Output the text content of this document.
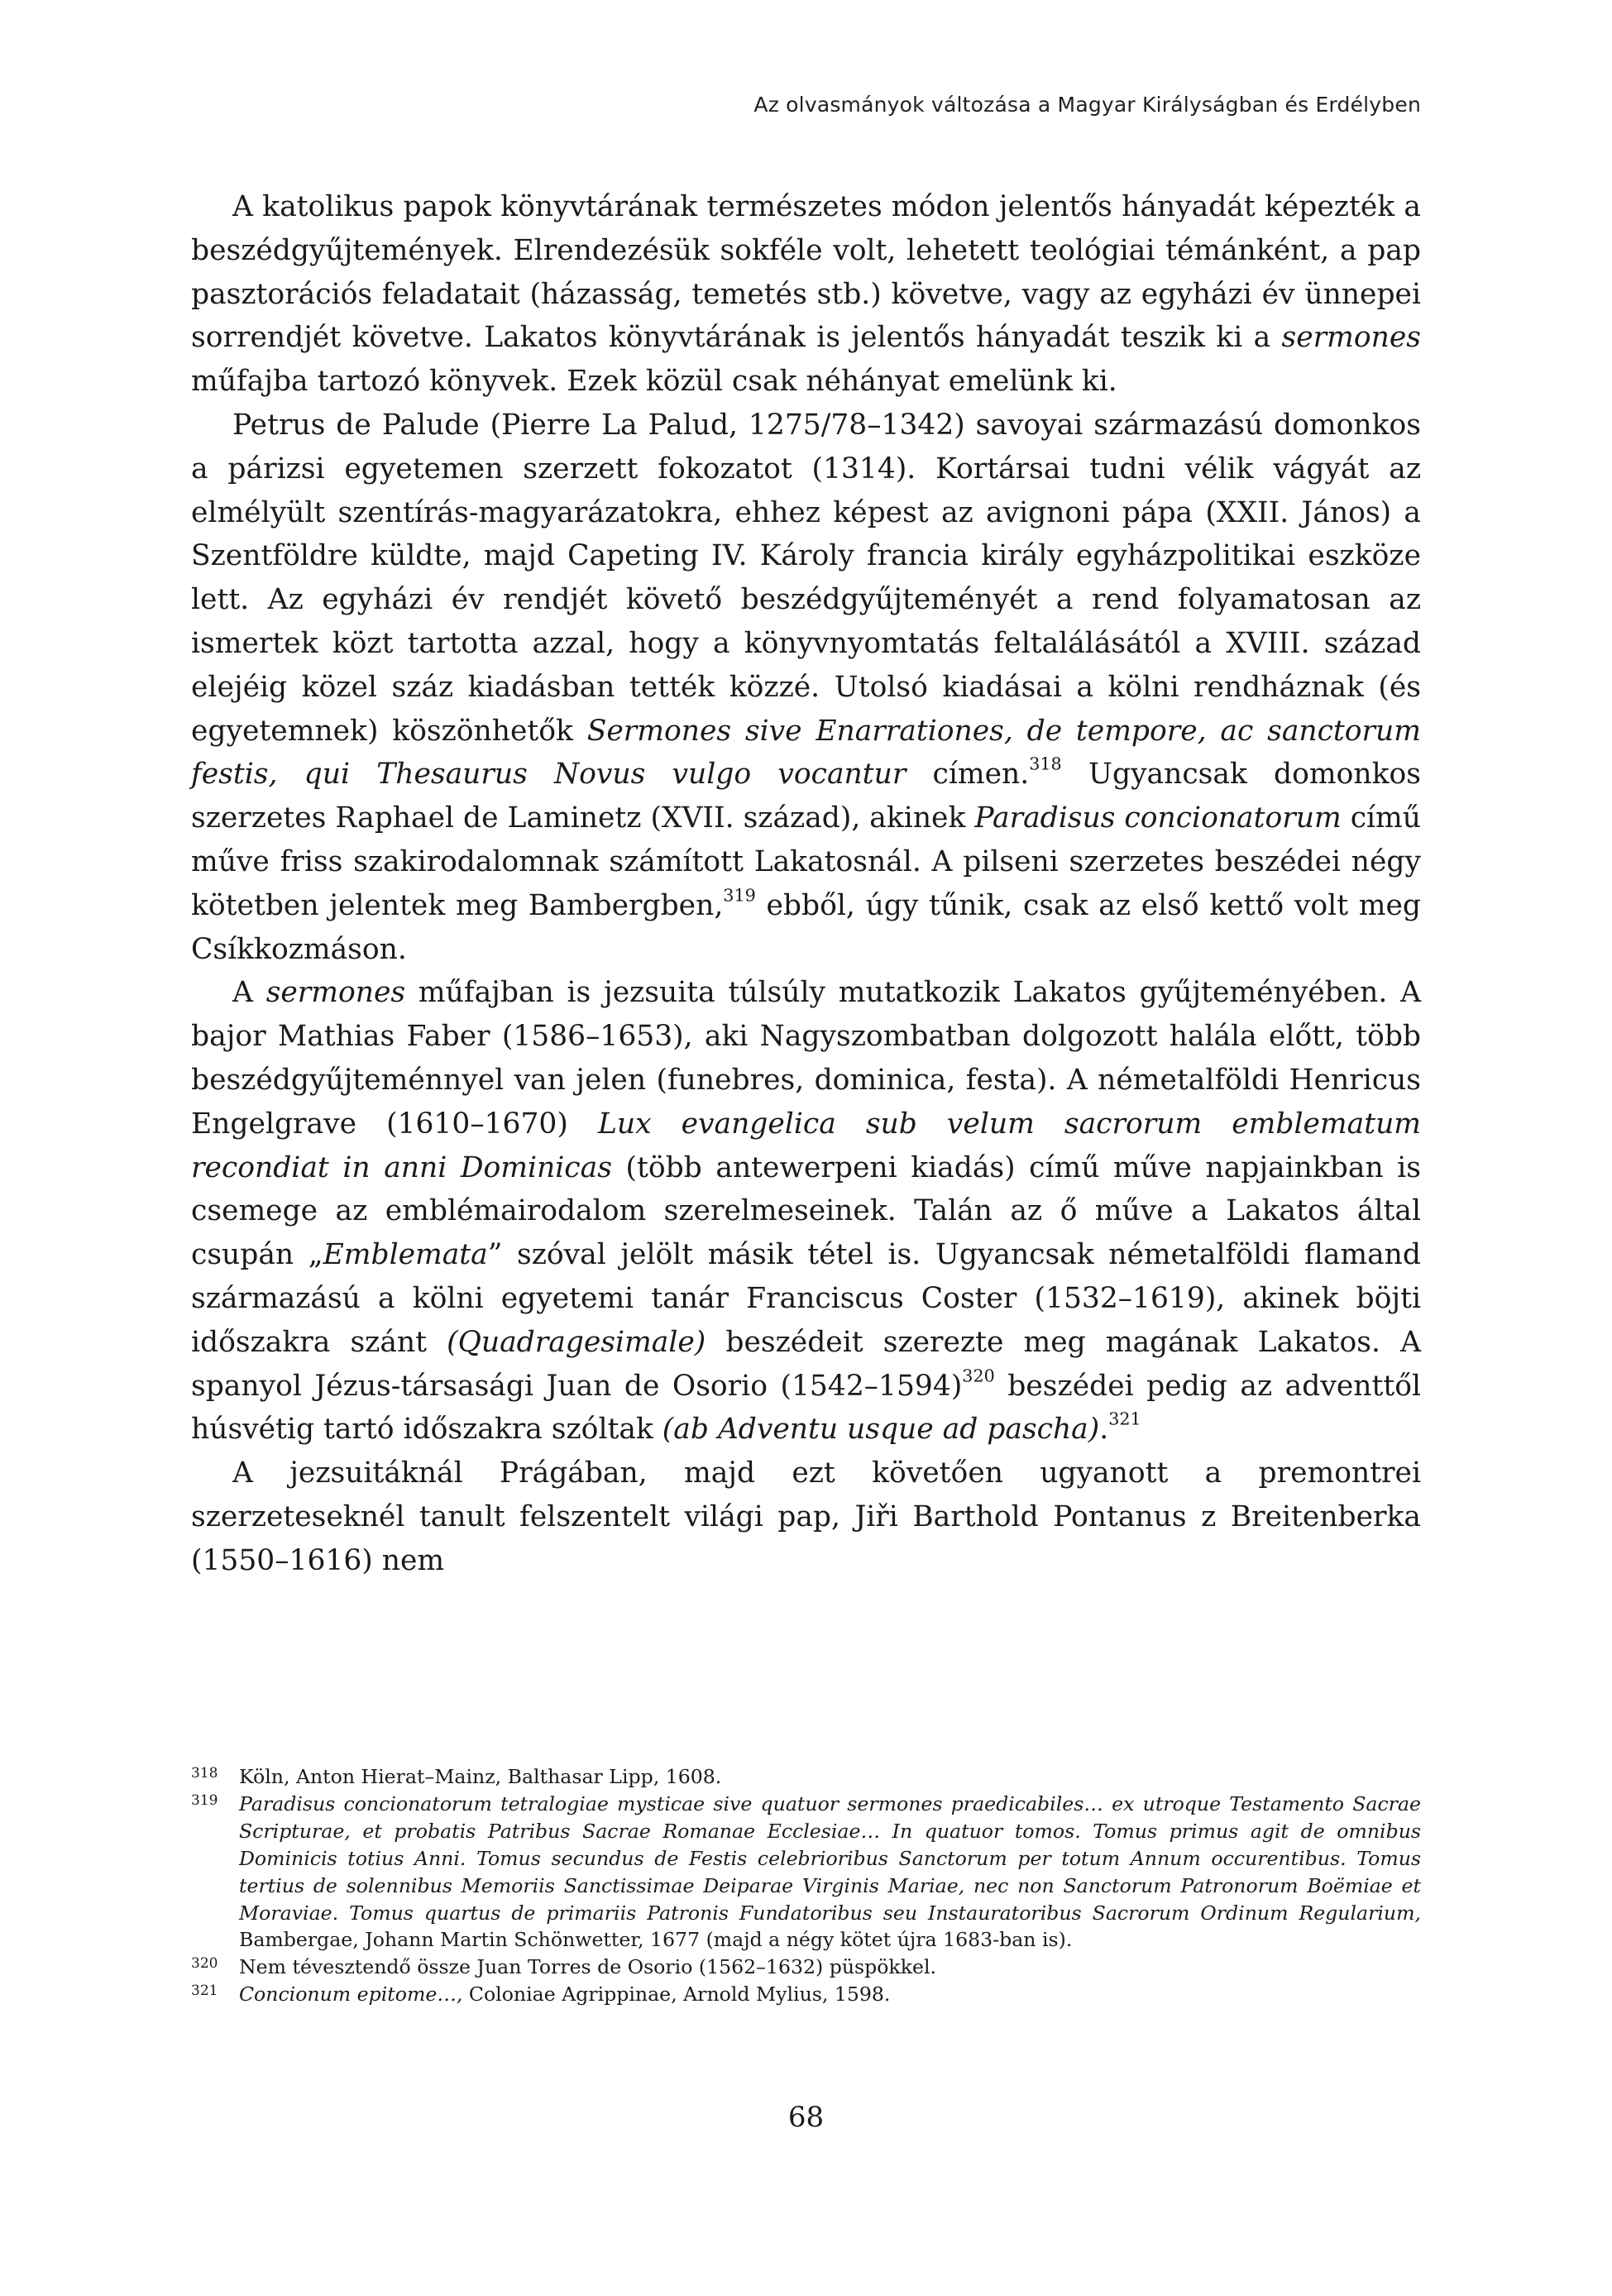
Az olvasmányok változása a Magyar Királyságban és Erdélyben

A katolikus papok könyvtárának természetes módon jelentős hányadát képezték a beszédgyűjtemények. Elrendezésük sokféle volt, lehetett teológiai témánként, a pap pasztorációs feladatait (házasság, temetés stb.) követve, vagy az egyházi év ünnepei sorrendjét követve. Lakatos könyvtárának is jelentős hányadát teszik ki a sermones műfajba tartozó könyvek. Ezek közül csak néhányat emelünk ki.

Petrus de Palude (Pierre La Palud, 1275/78–1342) savoyai származású domonkos a párizsi egyetemen szerzett fokozatot (1314). Kortársai tudni vélik vágyát az elmélyült szentírás-magyarázatokra, ehhez képest az avignoni pápa (XXII. János) a Szentföldre küldte, majd Capeting IV. Károly francia király egyházpolitikai eszköze lett. Az egyházi év rendjét követő beszédgyűjteményét a rend folyamatosan az ismertek közt tartotta azzal, hogy a könyvnyomtatás feltalálásától a XVIII. század elejéig közel száz kiadásban tették közzé. Utolsó kiadásai a kölni rendháznak (és egyetemnek) köszönhetők Sermones sive Enarrationes, de tempore, ac sanctorum festis, qui Thesaurus Novus vulgo vocantur címen.$^{318}$ Ugyancsak domonkos szerzetes Raphael de Laminetz (XVII. század), akinek Paradisus concionatorum című műve friss szakirodalomnak számított Lakatosnál. A pilseni szerzetes beszédei négy kötetben jelentek meg Bambergben,$^{319}$ ebből, úgy tűnik, csak az első kettő volt meg Csíkkozmáson.

A sermones műfajban is jezsuita túlsúly mutatkozik Lakatos gyűjteményében. A bajor Mathias Faber (1586–1653), aki Nagyszombatban dolgozott halála előtt, több beszédgyűjteménnyel van jelen (funebres, dominica, festa). A németalföldi Henricus Engelgrave (1610–1670) Lux evangelica sub velum sacrorum emblematum recondiat in anni Dominicas (több antewerpeni kiadás) című műve napjainkban is csemege az emblémairodalom szerelmeseinek. Talán az ő műve a Lakatos által csupán „Emblemata” szóval jelölt másik tétel is. Ugyancsak németalföldi flamand származású a kölni egyetemi tanár Franciscus Coster (1532–1619), akinek böjti időszakra szánt (Quadragesimale) beszédeit szerezte meg magának Lakatos. A spanyol Jézus-társasági Juan de Osorio (1542–1594)$^{320}$ beszédei pedig az adventtől húsvétig tartó időszakra szóltak (ab Adventu usque ad pascha).$^{321}$

A jezsuitáknál Prágában, majd ezt követően ugyanott a premontrei szerzeteseknél tanult felszentelt világi pap, Jiři Barthold Pontanus z Breitenberka (1550–1616) nem

318 Köln, Anton Hierat–Mainz, Balthasar Lipp, 1608.
319 Paradisus concionatorum tetralogiae mysticae sive quatuor sermones praedicabiles… ex utroque Testamento Sacrae Scripturae, et probatis Patribus Sacrae Romanae Ecclesiae… In quatuor tomos. Tomus primus agit de omnibus Dominicis totius Anni. Tomus secundus de Festis celebrioribus Sanctorum per totum Annum occurentibus. Tomus tertius de solennibus Memoriis Sanctissimae Deiparae Virginis Mariae, nec non Sanctorum Patronorum Boëmiae et Moraviae. Tomus quartus de primariis Patronis Fundatoribus seu Instauratoribus Sacrorum Ordinum Regularium, Bambergae, Johann Martin Schönwetter, 1677 (majd a négy kötet újra 1683-ban is).
320 Nem tévesztendő össze Juan Torres de Osorio (1562–1632) püspökkel.
321 Concionum epitome…, Coloniae Agrippinae, Arnold Mylius, 1598.
68
